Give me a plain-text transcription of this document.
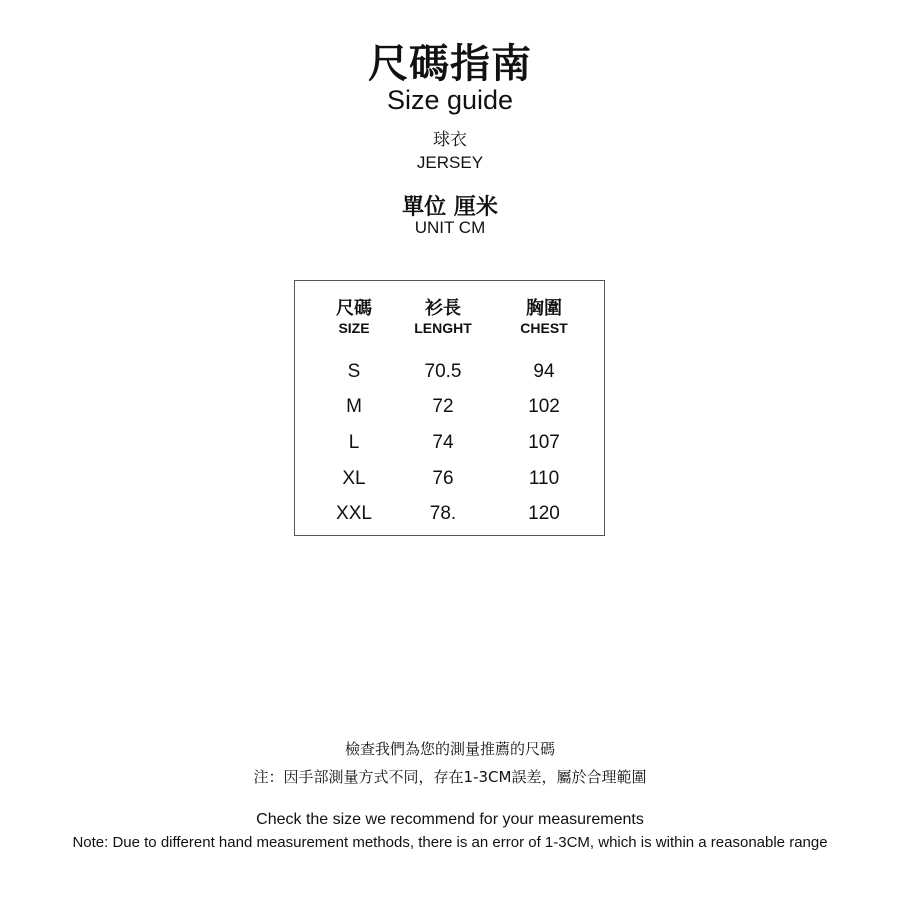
尺碼指南
Size guide
球衣
JERSEY
單位 厘米
UNIT CM
尺碼
SIZE
S
M
L
XL
XXL
衫長
LENGHT
70.5
72
74
76
78.
胸圍
CHEST
94
102
107
110
120
檢查我們為您的測量推薦的尺碼
注：因手部測量方式不同，存在1-3CM誤差，屬於合理範圍
Check the size we recommend for your measurements
Note: Due to different hand measurement methods, there is an error of 1-3CM, which is within a reasonable range
